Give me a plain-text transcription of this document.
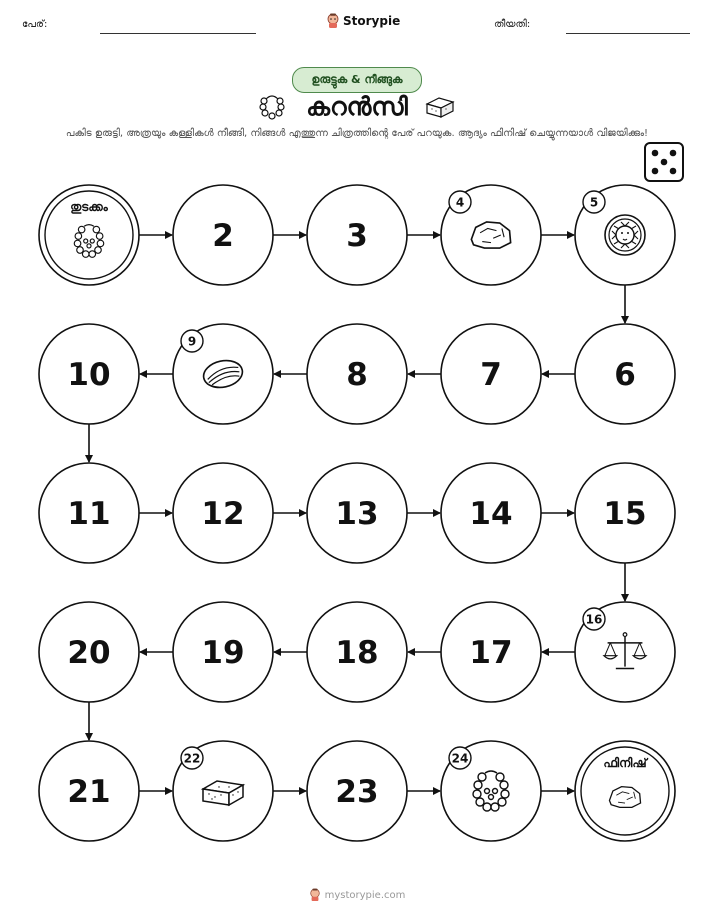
പേര്:	Storypie	തീയതി:
ഉരുട്ടുക & നീങ്ങുക
കറൻസി
പകിട ഉരുട്ടി, അത്രയും കള്ളികൾ നീങ്ങി, നിങ്ങൾ എത്തുന്ന ചിത്രത്തിന്റെ പേര് പറയുക. ആദ്യം ഫിനിഷ് ചെയ്യുന്നയാൾ വിജയിക്കും!
തുടക്കം
2	3
4	5
6
7
8
9
10
11	12	13	14	15
16
17
18
19
20
21
22
23
24	ഫിനിഷ്
mystorypie.com
